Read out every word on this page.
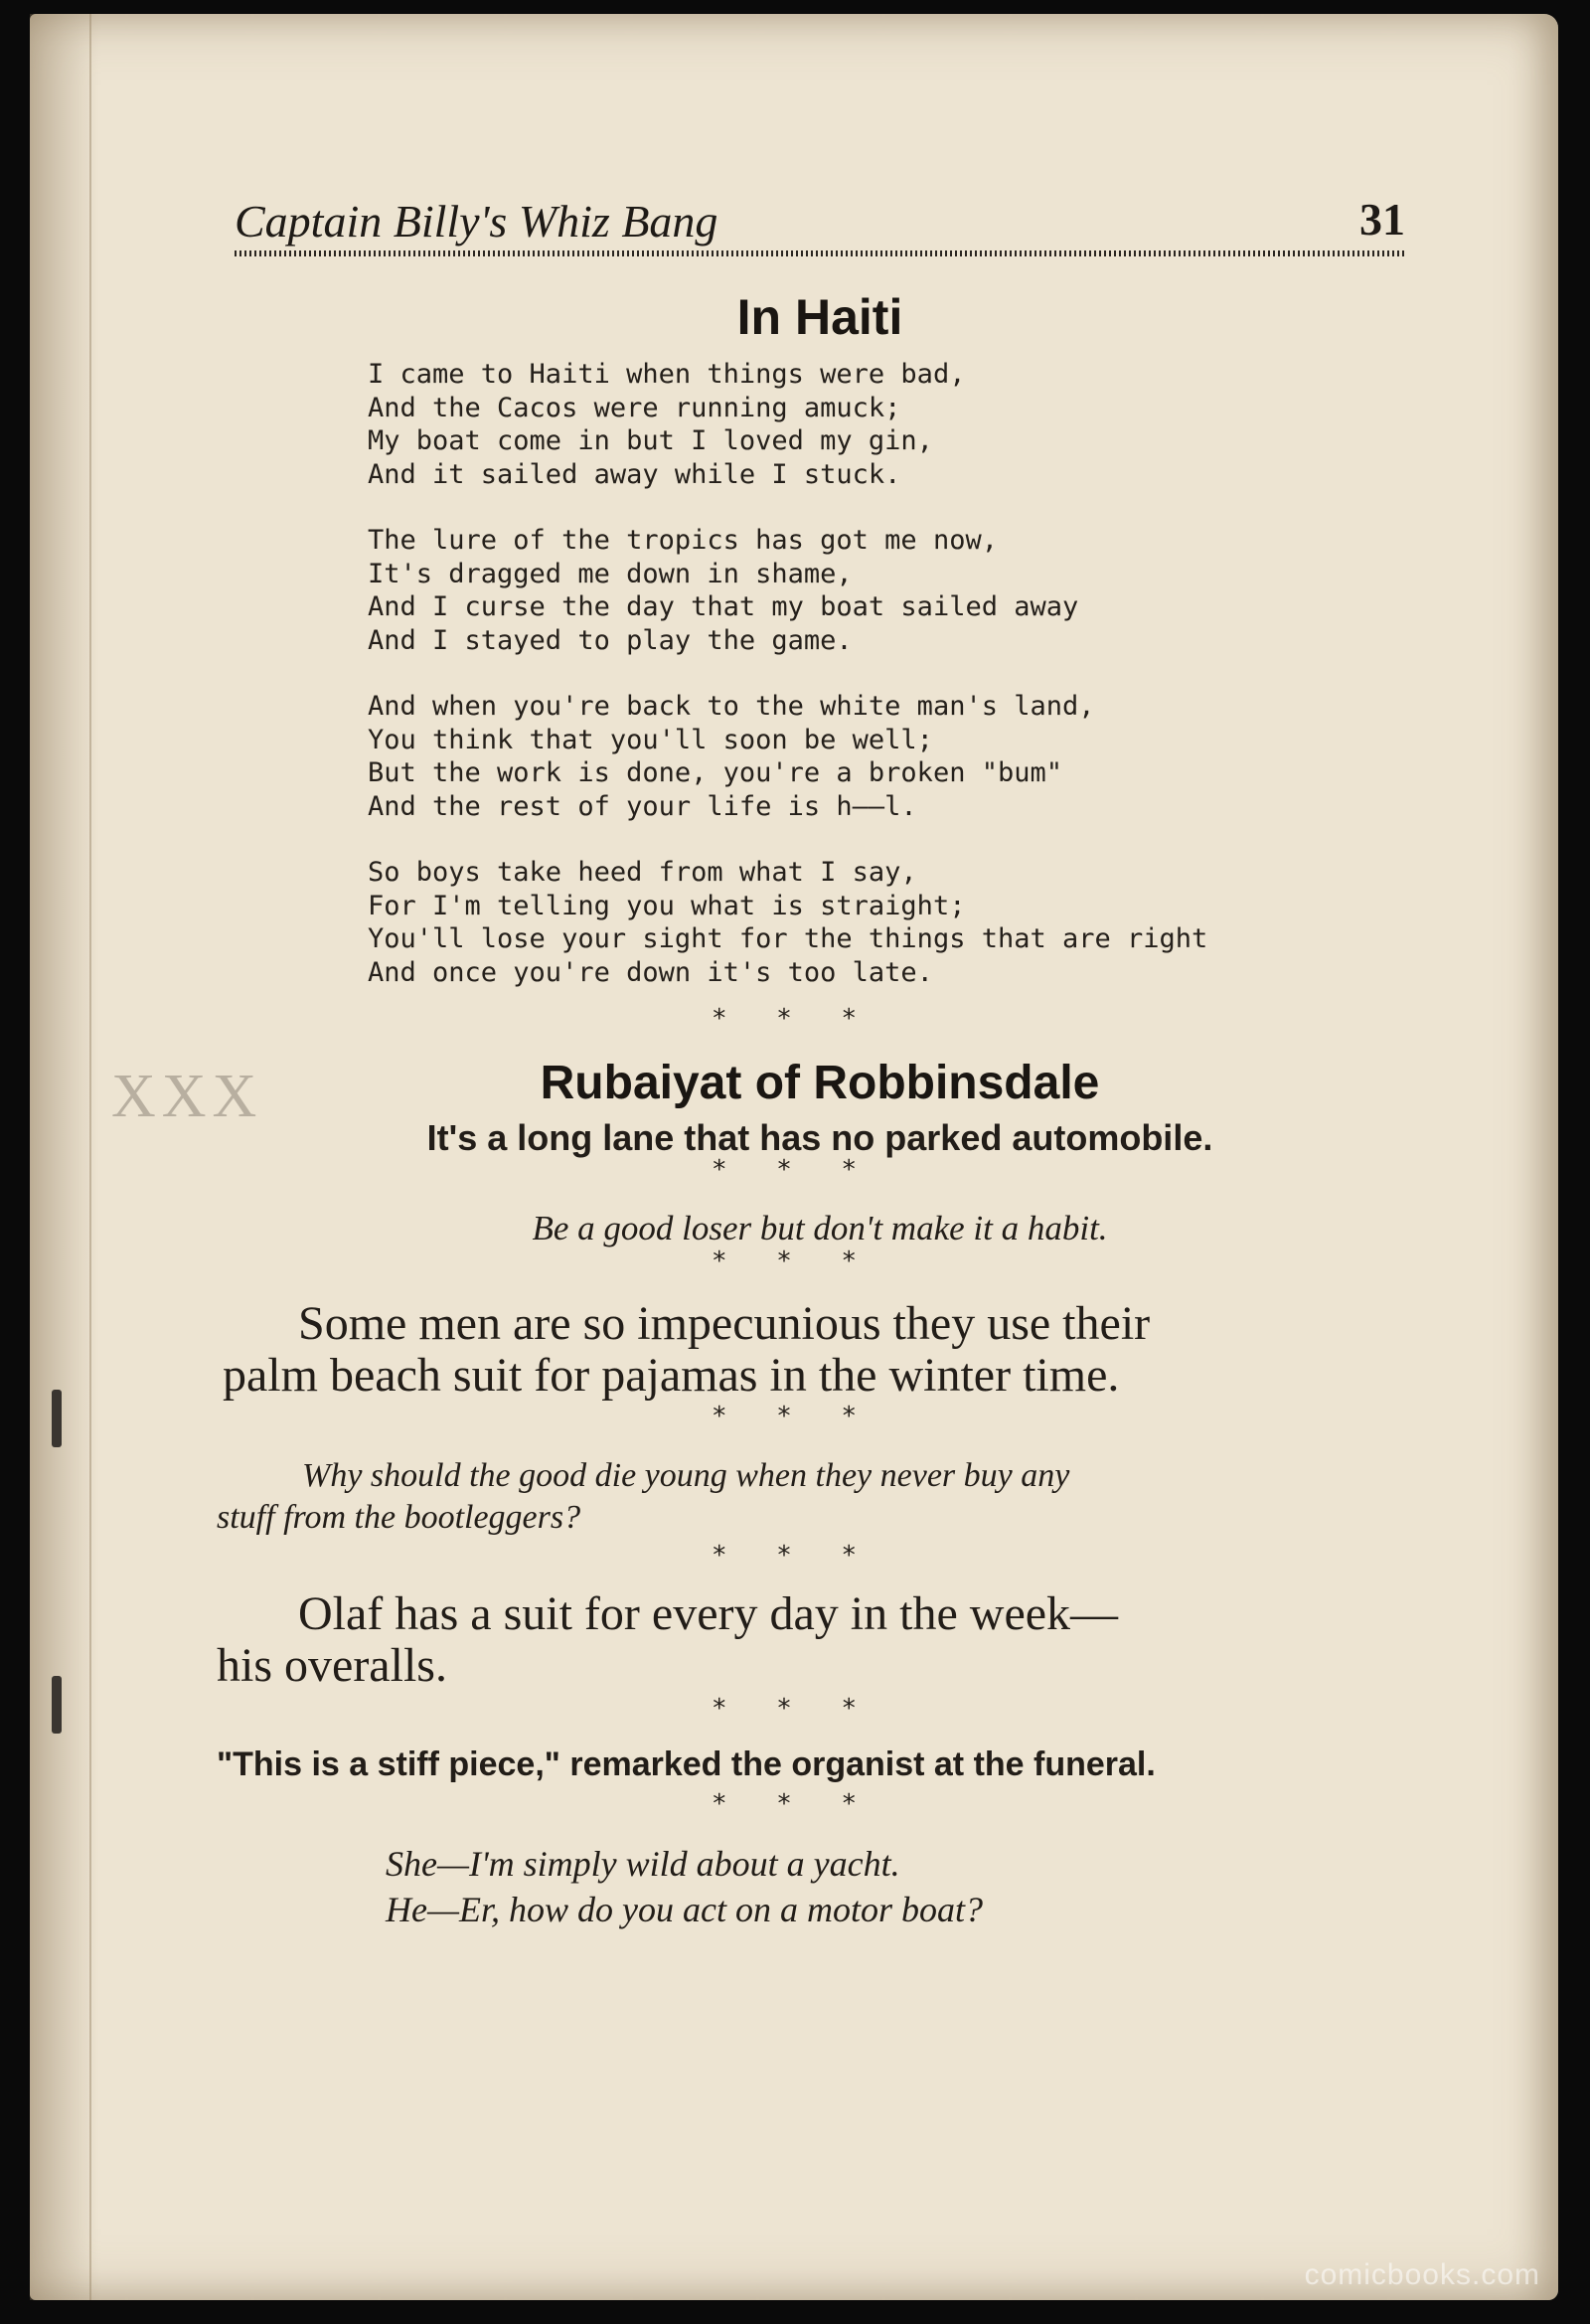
Captain Billy's Whiz Bang	31
In Haiti
I came to Haiti when things were bad,
And the Cacos were running amuck;
My boat come in but I loved my gin,
And it sailed away while I stuck.
The lure of the tropics has got me now,
It's dragged me down in shame,
And I curse the day that my boat sailed away
And I stayed to play the game.
And when you're back to the white man's land,
You think that you'll soon be well;
But the work is done, you're a broken "bum"
And the rest of your life is h——l.
So boys take heed from what I say,
For I'm telling you what is straight;
You'll lose your sight for the things that are right
And once you're down it's too late.
* * *
XXX	Rubaiyat of Robbinsdale

It's a long lane that has no parked automobile.

* * *

Be a good loser but don't make it a habit.

* * *
Some men are so impecunious they use their
palm beach suit for pajamas in the winter time.
* * *
Why should the good die young when they never buy any
stuff from the bootleggers?
* * *
Olaf has a suit for every day in the week—
his overalls.
* * *

"This is a stiff piece," remarked the organist at the funeral.

* * *
She—I'm simply wild about a yacht.
He—Er, how do you act on a motor boat?
comicbooks.com
